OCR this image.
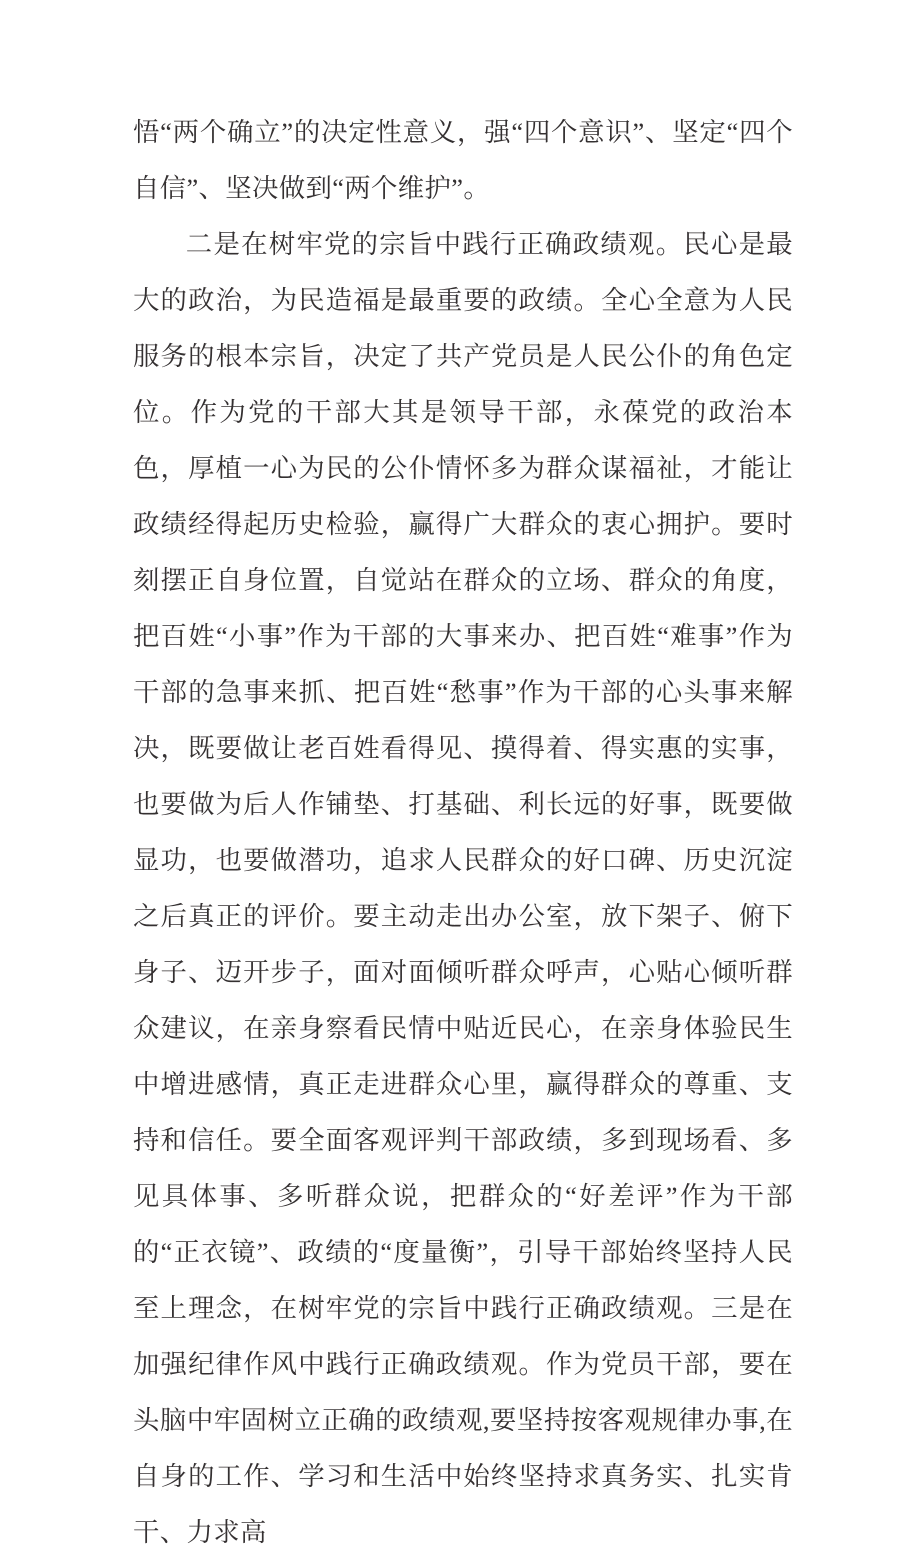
悟“两个确立”的决定性意义，强“四个意识”、坚定“四个自信”、坚决做到“两个维护”。

二是在树牢党的宗旨中践行正确政绩观。民心是最大的政治，为民造福是最重要的政绩。全心全意为人民服务的根本宗旨，决定了共产党员是人民公仆的角色定位。作为党的干部大其是领导干部，永葆党的政治本色，厚植一心为民的公仆情怀多为群众谋福祉，才能让政绩经得起历史检验，赢得广大群众的衷心拥护。要时刻摆正自身位置，自觉站在群众的立场、群众的角度，把百姓“小事”作为干部的大事来办、把百姓“难事”作为干部的急事来抓、把百姓“愁事”作为干部的心头事来解决，既要做让老百姓看得见、摸得着、得实惠的实事，也要做为后人作铺垫、打基础、利长远的好事，既要做显功，也要做潜功，追求人民群众的好口碑、历史沉淀之后真正的评价。要主动走出办公室，放下架子、俯下身子、迈开步子，面对面倾听群众呼声，心贴心倾听群众建议，在亲身察看民情中贴近民心，在亲身体验民生中增进感情，真正走进群众心里，赢得群众的尊重、支持和信任。要全面客观评判干部政绩，多到现场看、多见具体事、多听群众说，把群众的“好差评”作为干部的“正衣镜”、政绩的“度量衡”，引导干部始终坚持人民至上理念，在树牢党的宗旨中践行正确政绩观。三是在加强纪律作风中践行正确政绩观。作为党员干部，要在头脑中牢固树立正确的政绩观,要坚持按客观规律办事,在自身的工作、学习和生活中始终坚持求真务实、扎实肯干、力求高
